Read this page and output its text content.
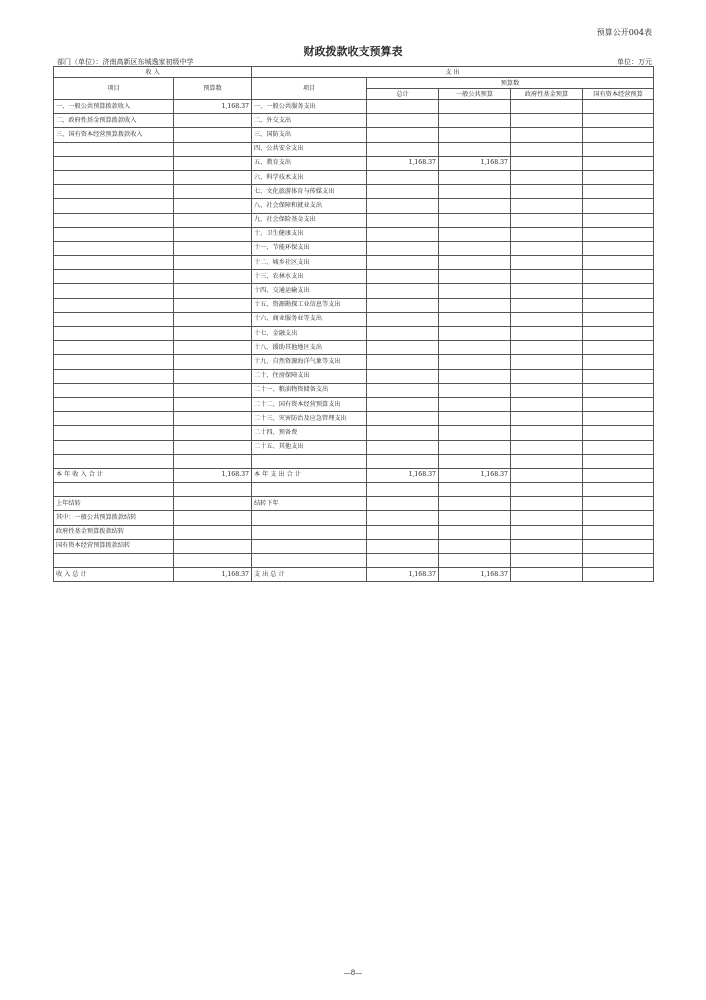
预算公开004表
财政拨款收支预算表
部门（单位）：济南高新区东城逸家初级中学	单位：万元
收 入		支 出				
项目	预算数	项目	预算数			
			总计	一般公共预算	政府性基金预算	国有资本经营预算
一、一般公共预算拨款收入	1,168.37	一、一般公共服务支出				
二、政府性基金预算拨款收入		二、外交支出				
三、国有资本经营预算拨款收入		三、国防支出				
		四、公共安全支出				
		五、教育支出	1,168.37	1,168.37		
		六、科学技术支出				
		七、文化旅游体育与传媒支出				
		八、社会保障和就业支出				
		九、社会保险基金支出				
		十、卫生健康支出				
		十一、节能环保支出				
		十二、城乡社区支出				
		十三、农林水支出				
		十四、交通运输支出				
		十五、资源勘探工业信息等支出				
		十六、商业服务业等支出				
		十七、金融支出				
		十八、援助其他地区支出				
		十九、自然资源海洋气象等支出				
		二十、住房保障支出				
		二十一、粮油物资储备支出				
		二十二、国有资本经营预算支出				
		二十三、灾害防治及应急管理支出				
		二十四、预备费				
		二十五、其他支出				

本 年 收 入 合 计	1,168.37	本 年 支 出 合 计	1,168.37	1,168.37		

上年结转		结转下年				
其中：一般公共预算拨款结转						
政府性基金预算拨款结转						
国有资本经营预算拨款结转						

收 入 总 计	1,168.37	支 出 总 计	1,168.37	1,168.37		
—8—
